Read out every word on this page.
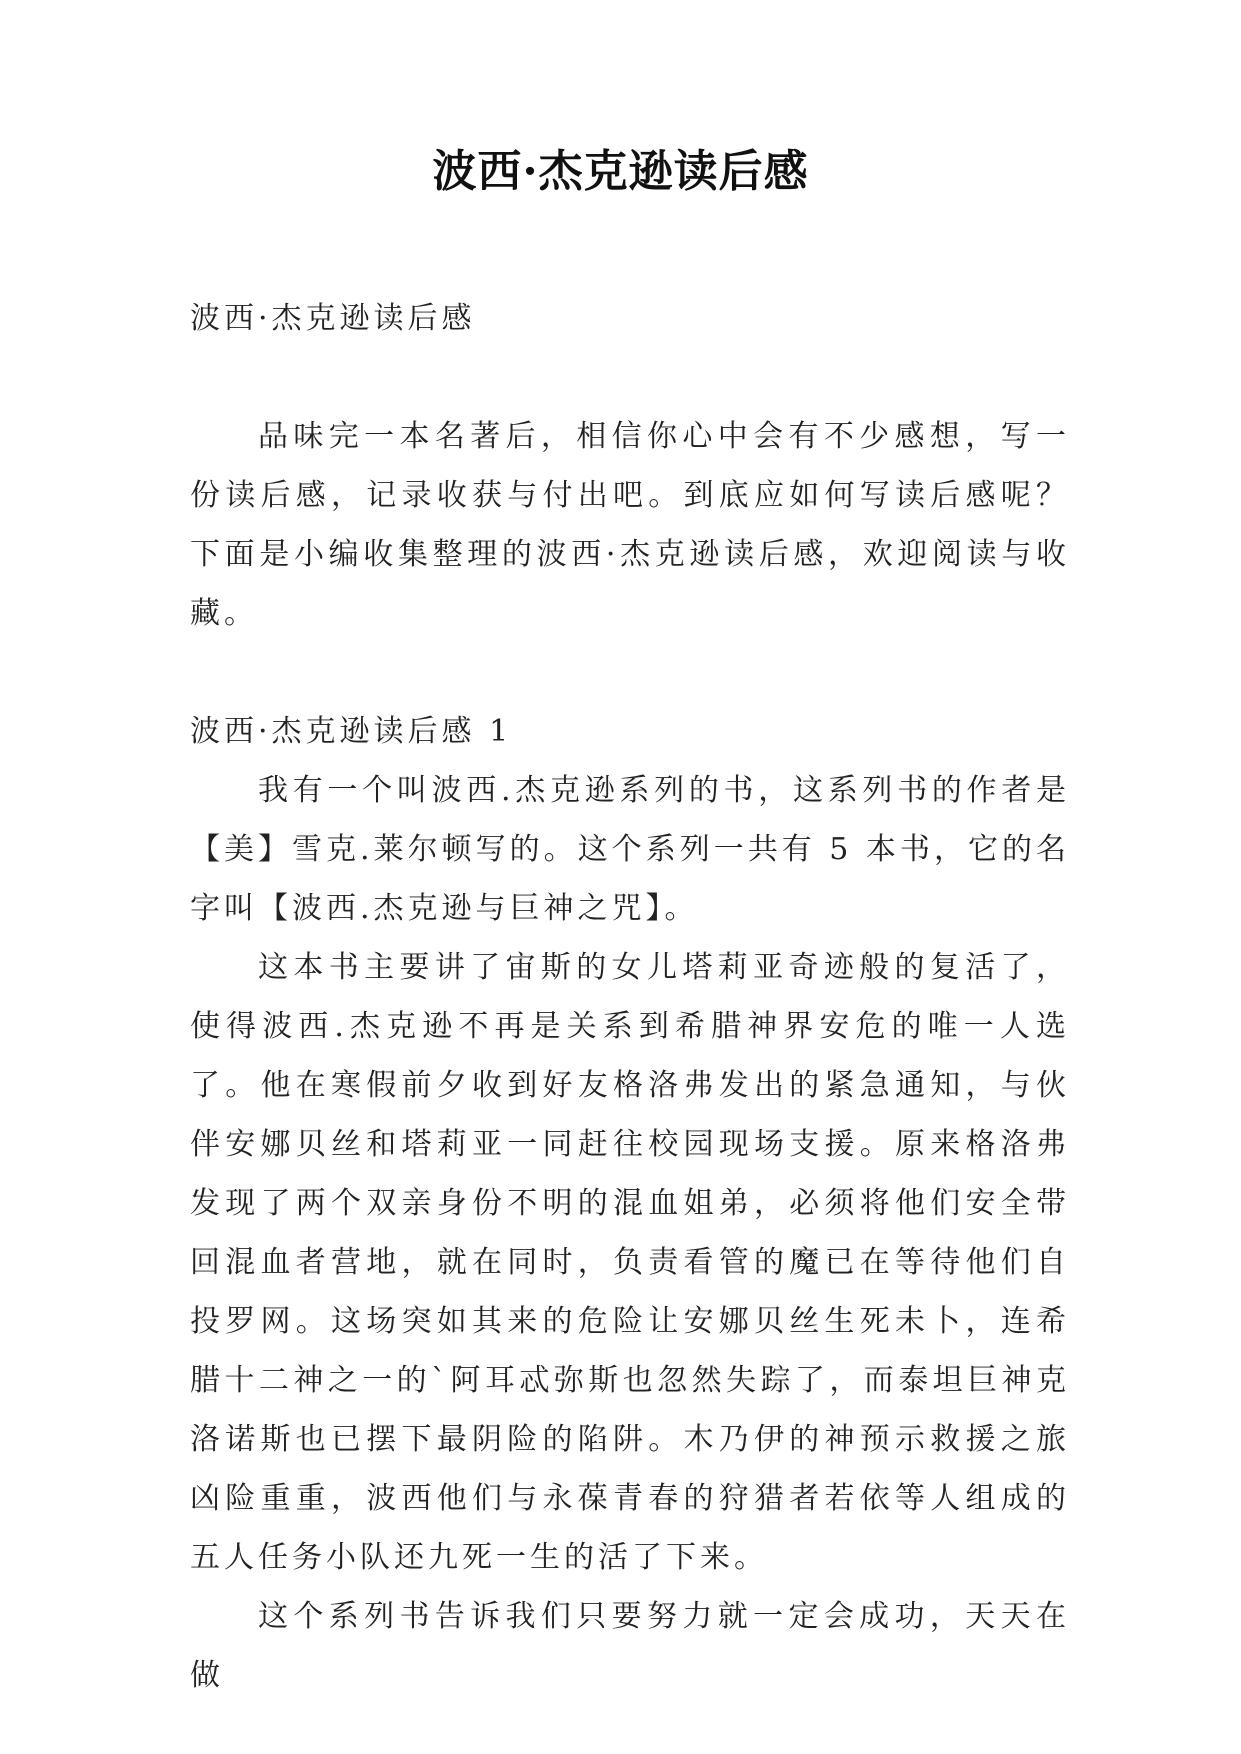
波西·杰克逊读后感

波西·杰克逊读后感

品味完一本名著后，相信你心中会有不少感想，写一份读后感，记录收获与付出吧。到底应如何写读后感呢？下面是小编收集整理的波西·杰克逊读后感，欢迎阅读与收藏。

波西·杰克逊读后感 1

我有一个叫波西.杰克逊系列的书，这系列书的作者是【美】雪克.莱尔顿写的。这个系列一共有 5 本书，它的名字叫【波西.杰克逊与巨神之咒】。

这本书主要讲了宙斯的女儿塔莉亚奇迹般的复活了，使得波西.杰克逊不再是关系到希腊神界安危的唯一人选了。他在寒假前夕收到好友格洛弗发出的紧急通知，与伙伴安娜贝丝和塔莉亚一同赶往校园现场支援。原来格洛弗发现了两个双亲身份不明的混血姐弟，必须将他们安全带回混血者营地，就在同时，负责看管的魔已在等待他们自投罗网。这场突如其来的危险让安娜贝丝生死未卜，连希腊十二神之一的`阿耳忒弥斯也忽然失踪了，而泰坦巨神克洛诺斯也已摆下最阴险的陷阱。木乃伊的神预示救援之旅凶险重重，波西他们与永葆青春的狩猎者若依等人组成的五人任务小队还九死一生的活了下来。

这个系列书告诉我们只要努力就一定会成功，天天在做
